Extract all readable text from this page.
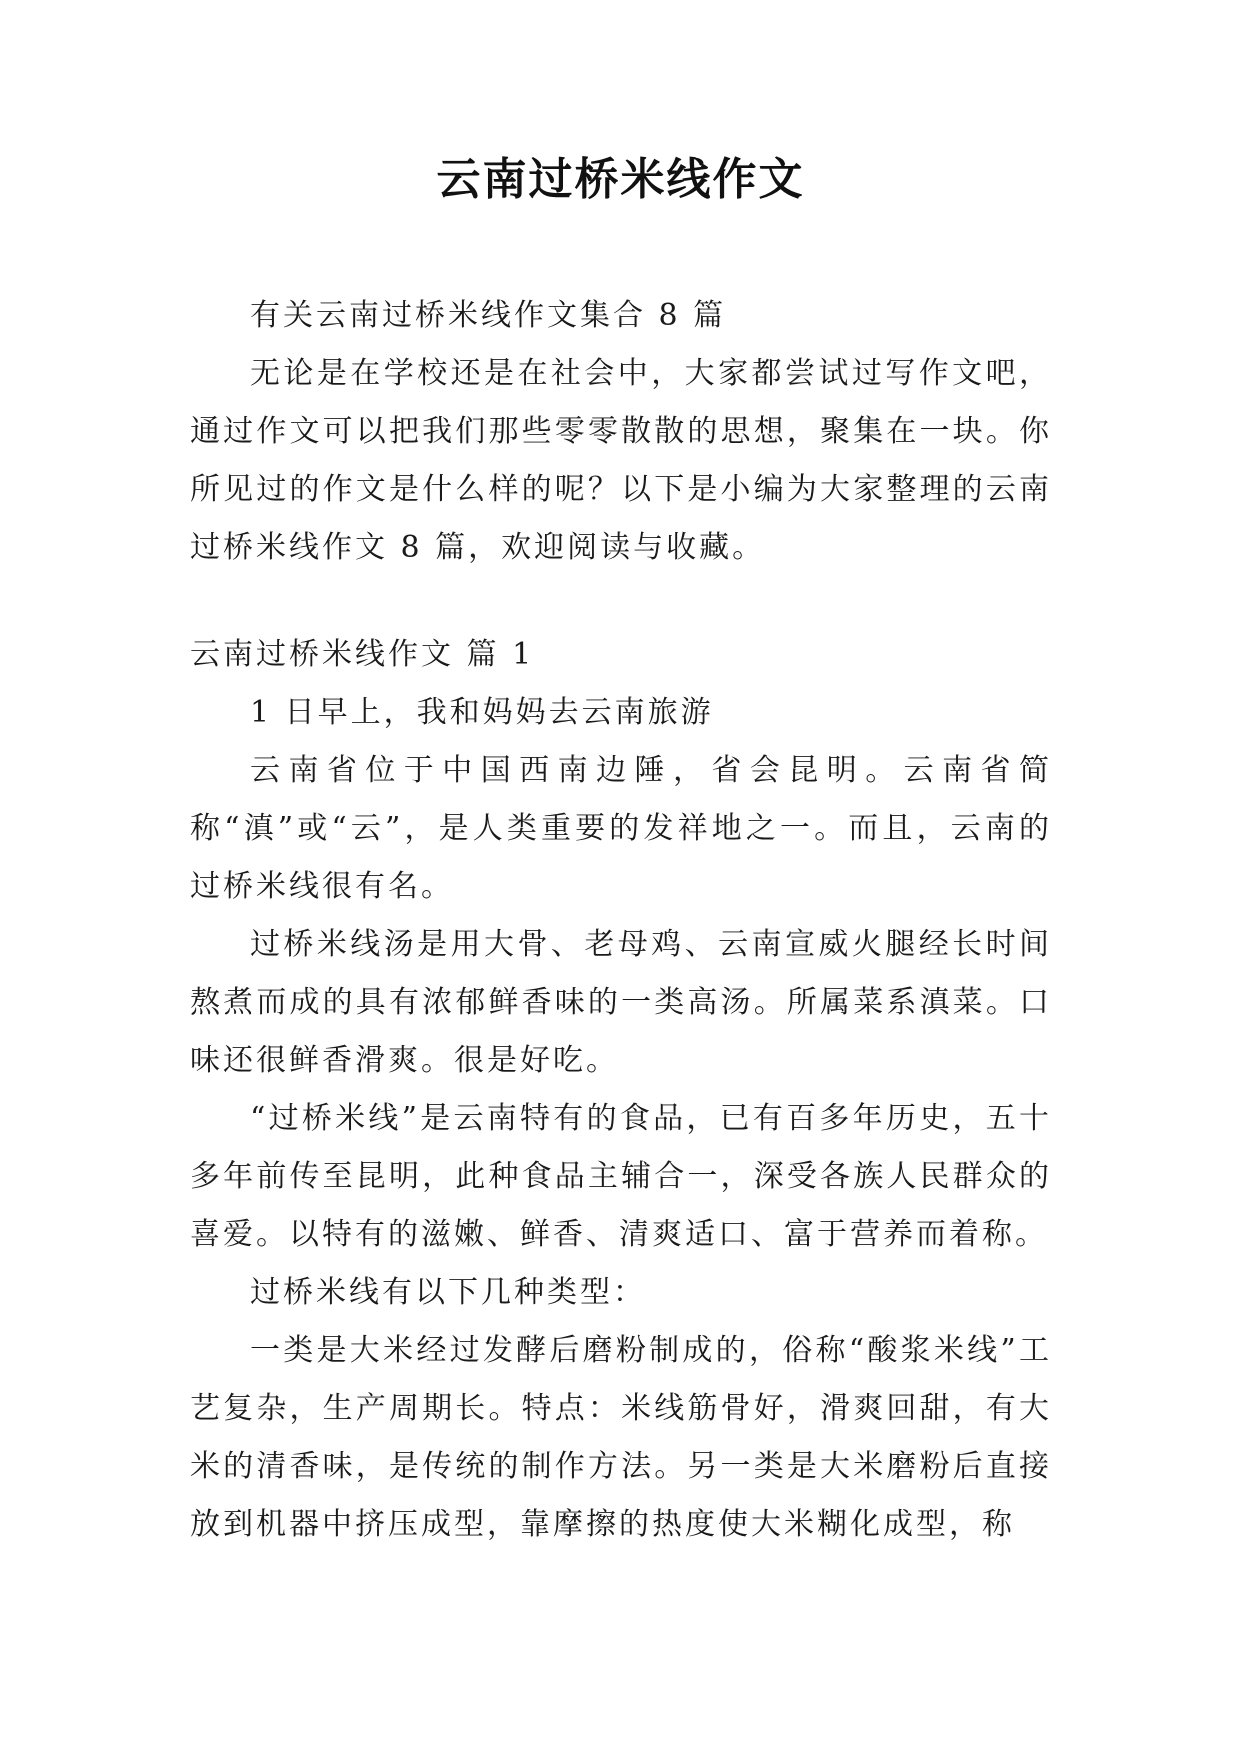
云南过桥米线作文

有关云南过桥米线作文集合 8 篇

无论是在学校还是在社会中，大家都尝试过写作文吧，通过作文可以把我们那些零零散散的思想，聚集在一块。你所见过的作文是什么样的呢？以下是小编为大家整理的云南过桥米线作文 8 篇，欢迎阅读与收藏。

云南过桥米线作文 篇 1

1 日早上，我和妈妈去云南旅游

云南省位于中国西南边陲，省会昆明。云南省简称“滇”或“云”，是人类重要的发祥地之一。而且，云南的过桥米线很有名。

过桥米线汤是用大骨、老母鸡、云南宣威火腿经长时间熬煮而成的具有浓郁鲜香味的一类高汤。所属菜系滇菜。口味还很鲜香滑爽。很是好吃。

“过桥米线”是云南特有的食品，已有百多年历史，五十多年前传至昆明，此种食品主辅合一，深受各族人民群众的喜爱。以特有的滋嫩、鲜香、清爽适口、富于营养而着称。

过桥米线有以下几种类型：

一类是大米经过发酵后磨粉制成的，俗称“酸浆米线”工艺复杂，生产周期长。特点：米线筋骨好，滑爽回甜，有大米的清香味，是传统的制作方法。另一类是大米磨粉后直接放到机器中挤压成型，靠摩擦的热度使大米糊化成型，称
